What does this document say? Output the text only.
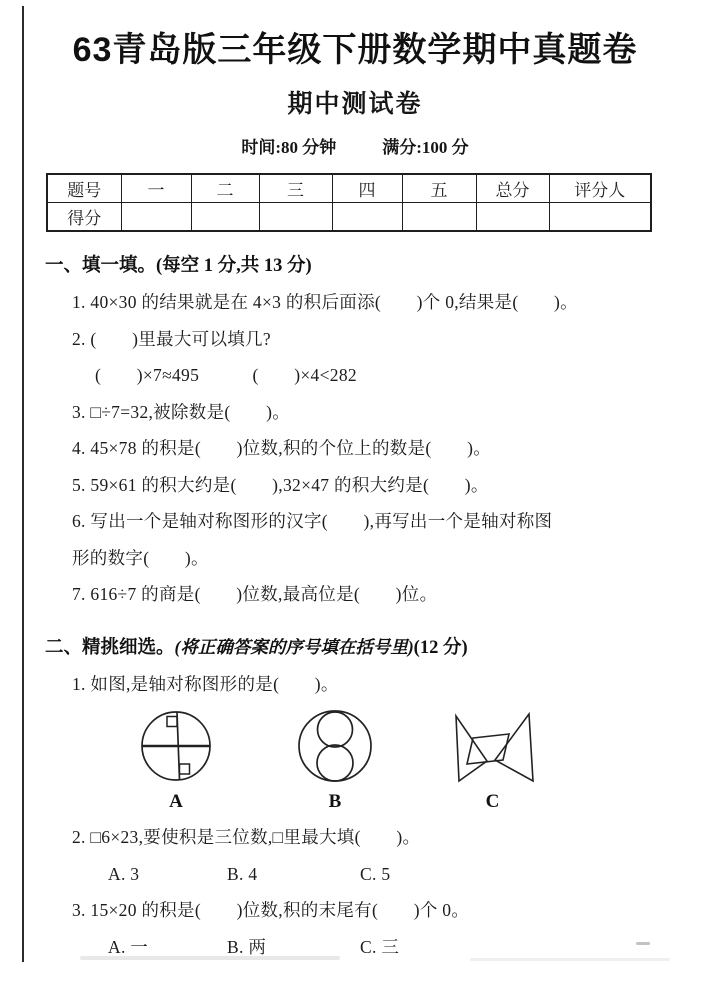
63青岛版三年级下册数学期中真题卷
期中测试卷
时间:80 分钟	满分:100 分
题号	一	二	三	四	五	总分	评分人
得分							
一、填一填。(每空 1 分,共 13 分)
1. 40×30 的结果就是在 4×3 的积后面添(　　)个 0,结果是(　　)。
2. (　　)里最大可以填几?
(　　)×7≈495　　　(　　)×4<282
3. □÷7=32,被除数是(　　)。
4. 45×78 的积是(　　)位数,积的个位上的数是(　　)。
5. 59×61 的积大约是(　　),32×47 的积大约是(　　)。
6. 写出一个是轴对称图形的汉字(　　),再写出一个是轴对称图
形的数字(　　)。
7. 616÷7 的商是(　　)位数,最高位是(　　)位。
二、精挑细选。(将正确答案的序号填在括号里)(12 分)
1. 如图,是轴对称图形的是(　　)。
A	B	C
2. □6×23,要使积是三位数,□里最大填(　　)。
A. 3	B. 4	C. 5
3. 15×20 的积是(　　)位数,积的末尾有(　　)个 0。
A. 一	B. 两	C. 三
